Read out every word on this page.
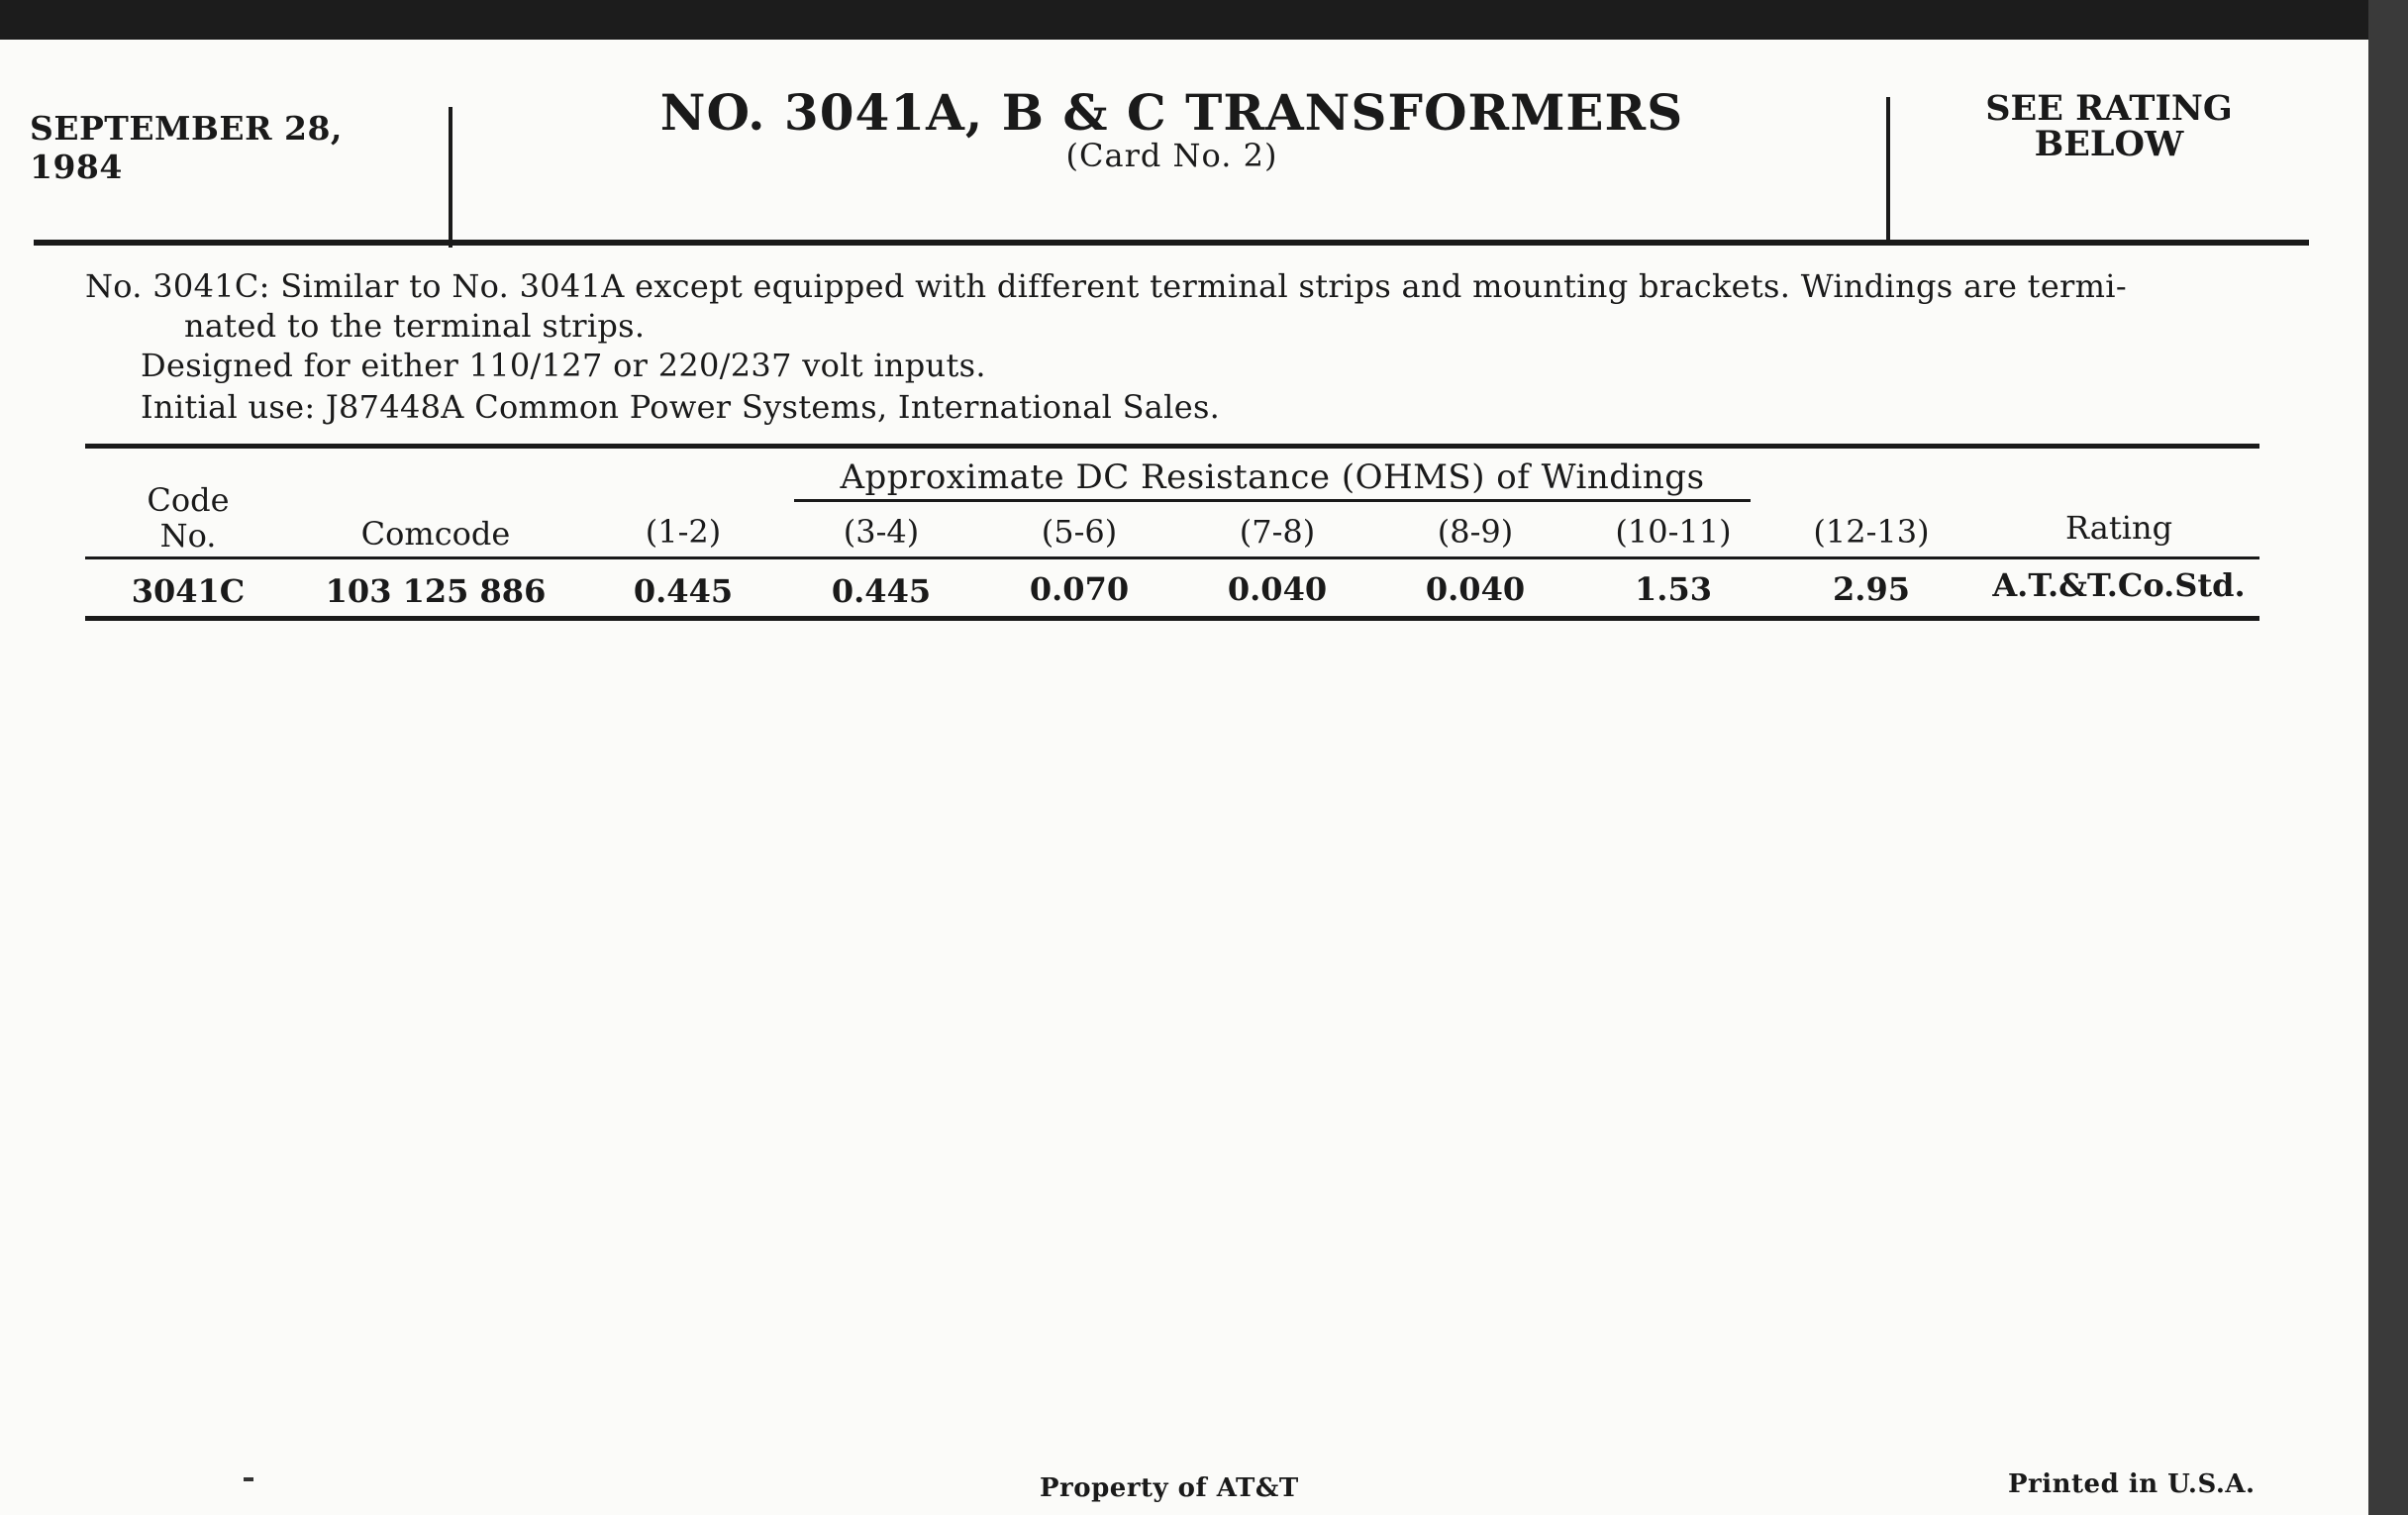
SEPTEMBER 28, 1984
NO. 3041A, B & C TRANSFORMERS
(Card No. 2)
SEE RATING
BELOW
No. 3041C: Similar to No. 3041A except equipped with different terminal strips and mounting brackets. Windings are termi-
nated to the terminal strips.
Designed for either 110/127 or 220/237 volt inputs.
Initial use: J87448A Common Power Systems, International Sales.
Approximate DC Resistance (OHMS) of Windings
Code
No.	Comcode	(1-2)	(3-4)	(5-6)	(7-8)	(8-9)	(10-11)	(12-13)	Rating
3041C	103 125 886	0.445	0.445	0.070	0.040	0.040	1.53	2.95	A.T.&T.Co.Std.
Property of AT&T	Printed in U.S.A.
